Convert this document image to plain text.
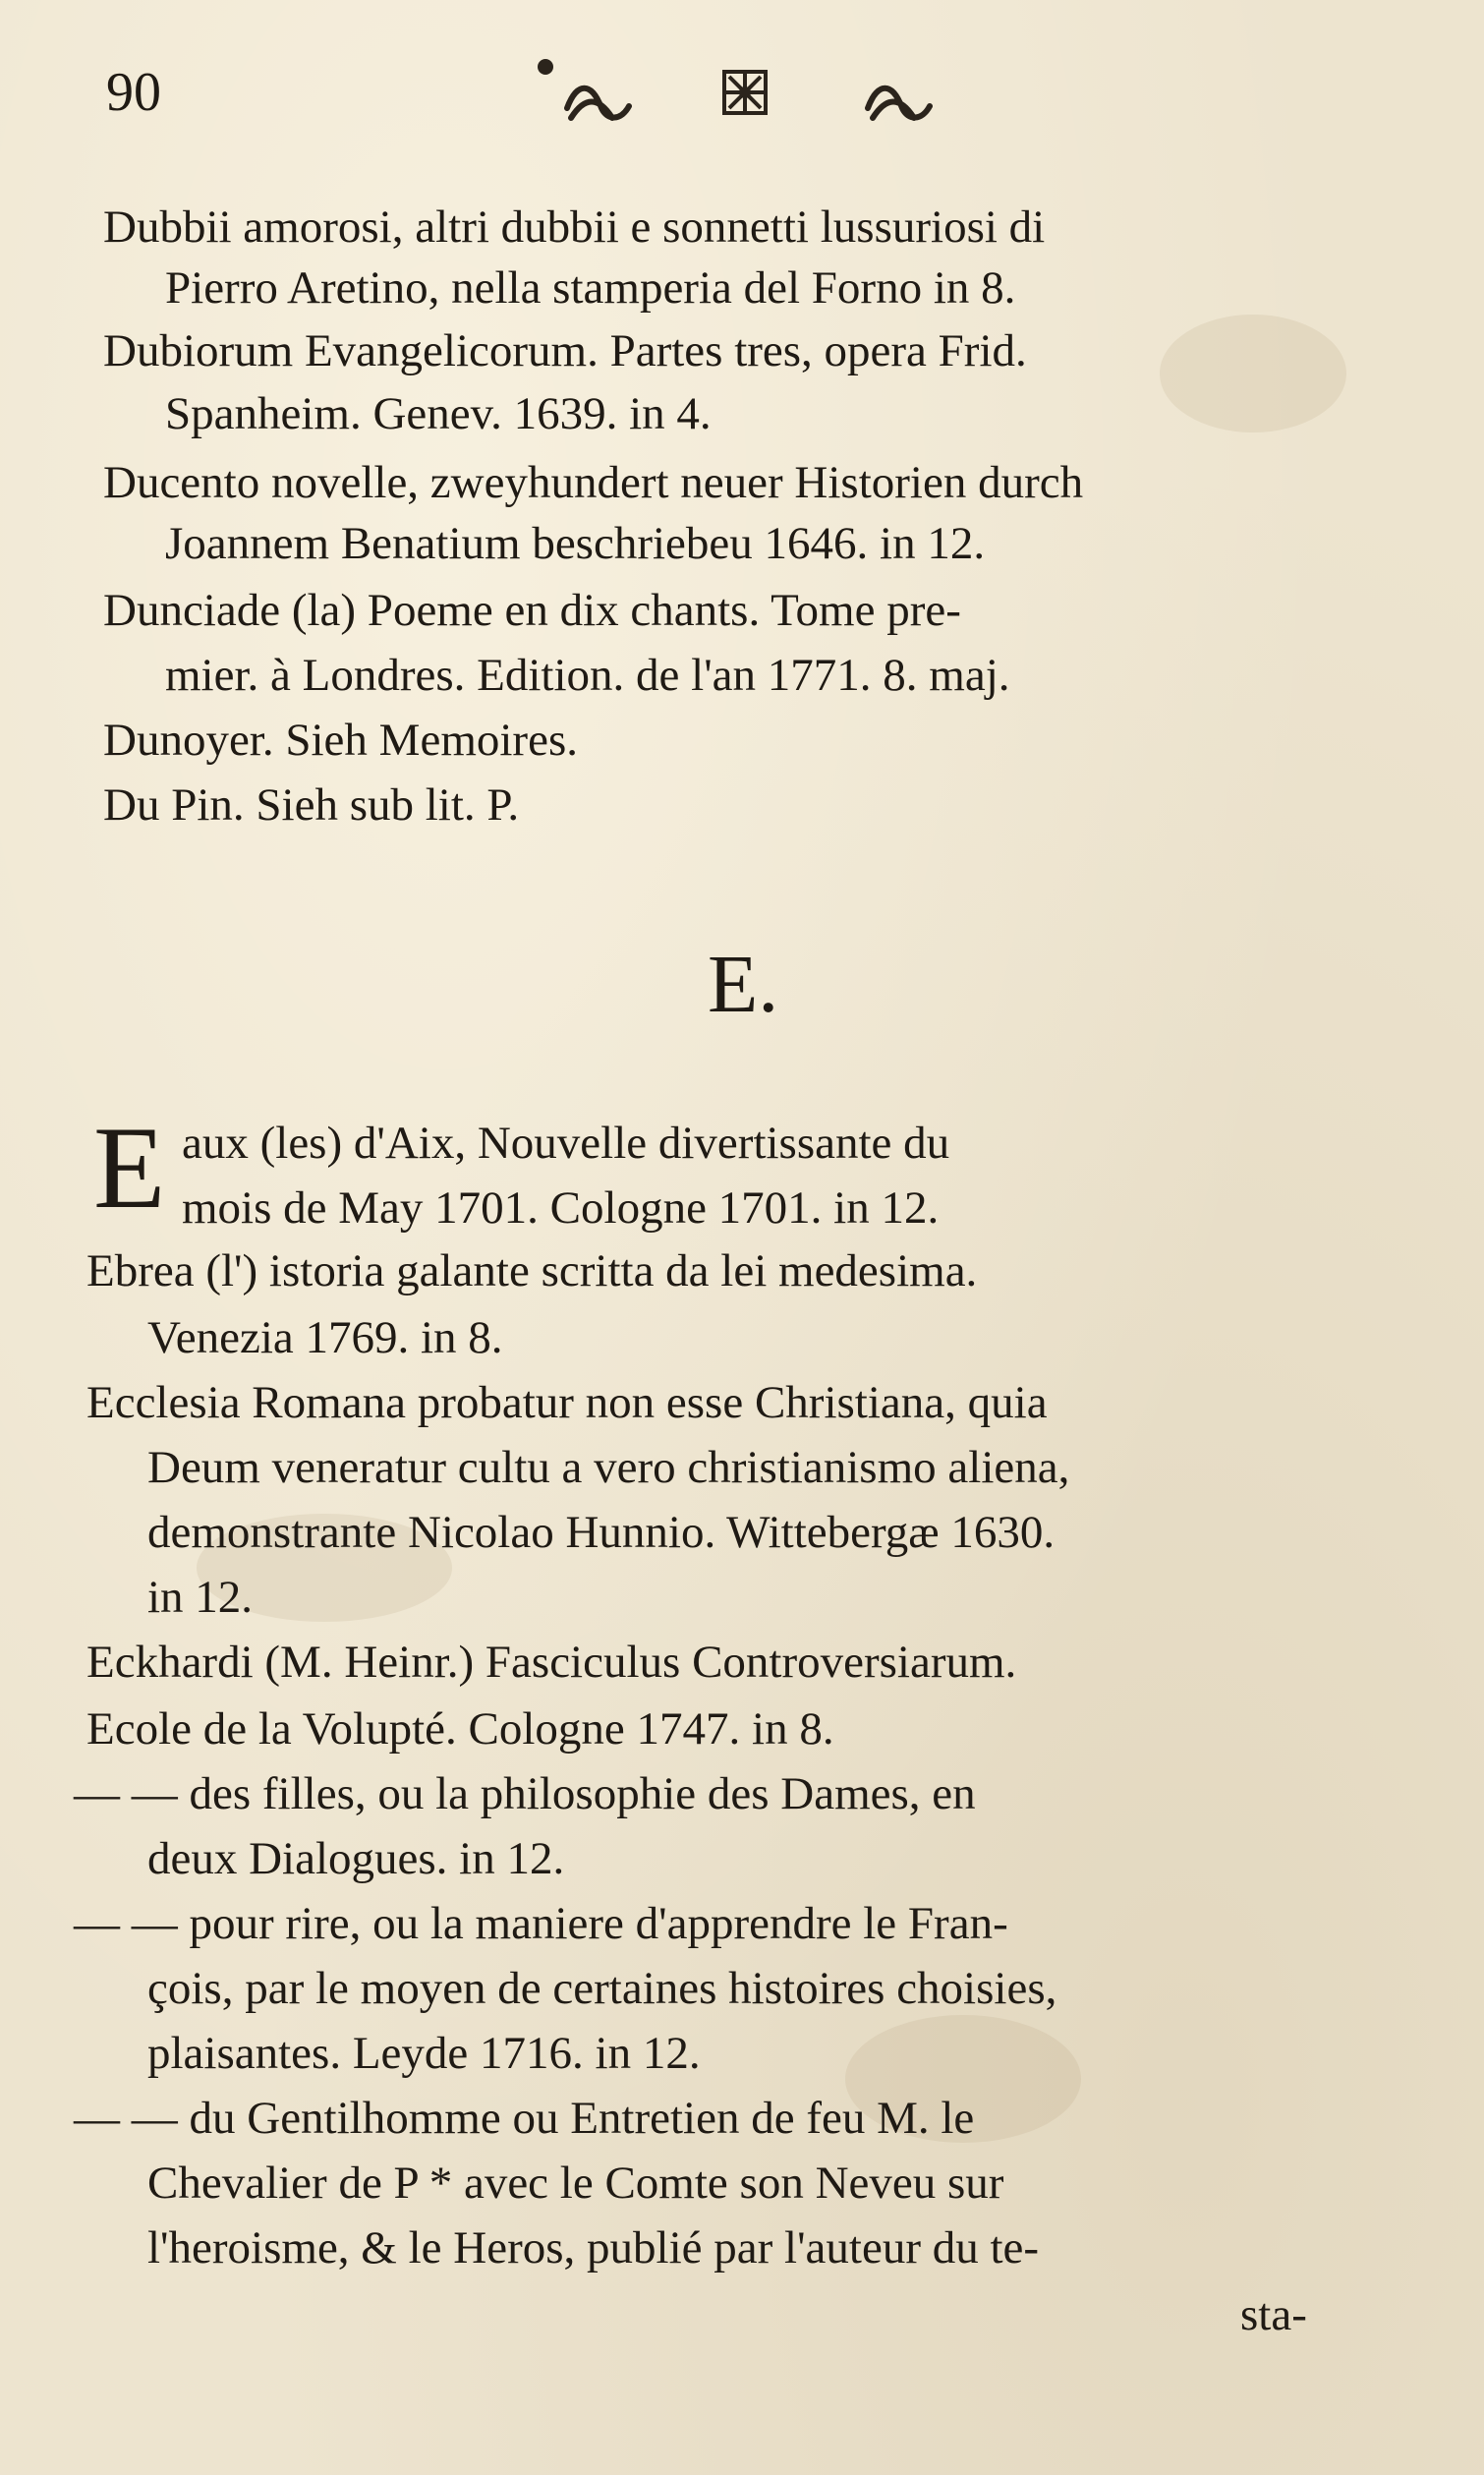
90
Dubbii amorosi, altri dubbii e sonnetti lussuriosi di
Pierro Aretino, nella stamperia del Forno in 8.
Dubiorum Evangelicorum. Partes tres, opera Frid.
Spanheim. Genev. 1639. in 4.
Ducento novelle, zweyhundert neuer Historien durch
Joannem Benatium beschriebeu 1646. in 12.
Dunciade (la) Poeme en dix chants. Tome pre-
mier. à Londres. Edition. de l'an 1771. 8. maj.
Dunoyer. Sieh Memoires.
Du Pin. Sieh sub lit. P.
E.
E aux (les) d'Aix, Nouvelle divertissante du
mois de May 1701. Cologne 1701. in 12.
Ebrea (l') istoria galante scritta da lei medesima.
Venezia 1769. in 8.
Ecclesia Romana probatur non esse Christiana, quia
Deum veneratur cultu a vero christianismo aliena,
demonstrante Nicolao Hunnio. Wittebergæ 1630.
in 12.
Eckhardi (M. Heinr.) Fasciculus Controversiarum.
Ecole de la Volupté. Cologne 1747. in 8.
— — des filles, ou la philosophie des Dames, en
deux Dialogues. in 12.
— — pour rire, ou la maniere d'apprendre le Fran-
çois, par le moyen de certaines histoires choisies,
plaisantes. Leyde 1716. in 12.
— — du Gentilhomme ou Entretien de feu M. le
Chevalier de P * avec le Comte son Neveu sur
l'heroisme, & le Heros, publié par l'auteur du te-
sta-
